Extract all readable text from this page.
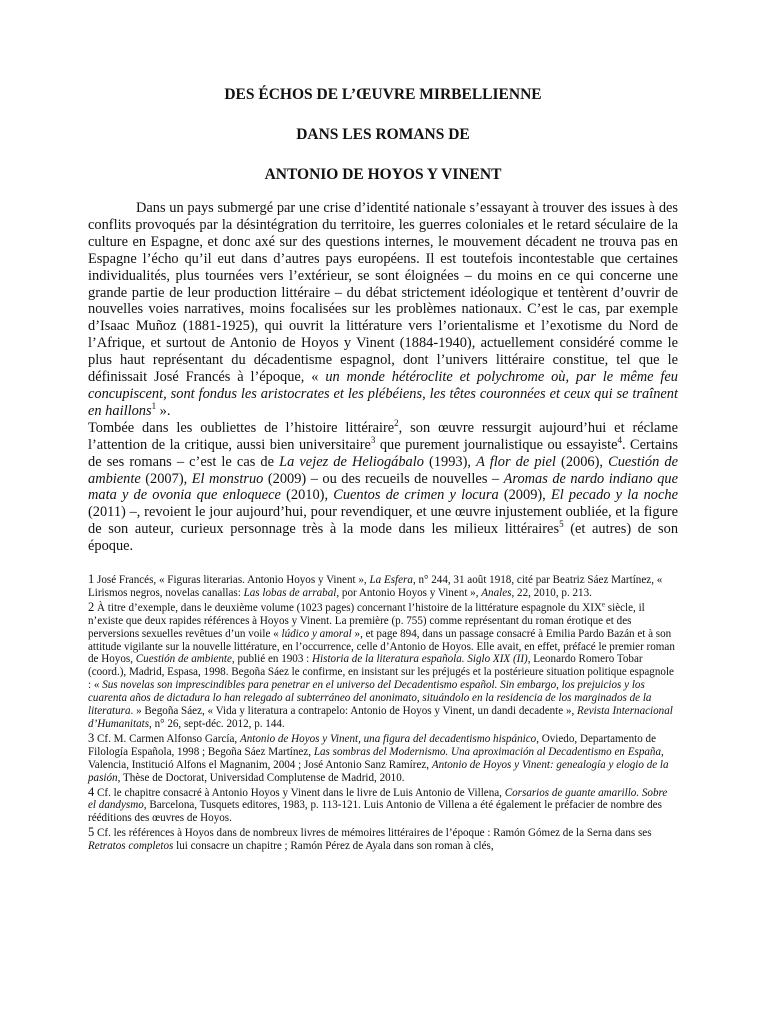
DES ÉCHOS DE L’ŒUVRE MIRBELLIENNE
DANS LES ROMANS DE
ANTONIO DE HOYOS Y VINENT

Dans un pays submergé par une crise d’identité nationale s’essayant à trouver des issues à des conflits provoqués par la désintégration du territoire, les guerres coloniales et le retard séculaire de la culture en Espagne, et donc axé sur des questions internes, le mouvement décadent ne trouva pas en Espagne l’écho qu’il eut dans d’autres pays européens. Il est toutefois incontestable que certaines individualités, plus tournées vers l’extérieur, se sont éloignées – du moins en ce qui concerne une grande partie de leur production littéraire – du débat strictement idéologique et tentèrent d’ouvrir de nouvelles voies narratives, moins focalisées sur les problèmes nationaux. C’est le cas, par exemple d’Isaac Muñoz (1881-1925), qui ouvrit la littérature vers l’orientalisme et l’exotisme du Nord de l’Afrique, et surtout de Antonio de Hoyos y Vinent (1884-1940), actuellement considéré comme le plus haut représentant du décadentisme espagnol, dont l’univers littéraire constitue, tel que le définissait José Francés à l’époque, « un monde hétéroclite et polychrome où, par le même feu concupiscent, sont fondus les aristocrates et les plébéiens, les têtes couronnées et ceux qui se traînent en haillons$^1$ ».

Tombée dans les oubliettes de l’histoire littéraire$^2$, son œuvre ressurgit aujourd’hui et réclame l’attention de la critique, aussi bien universitaire$^3$ que purement journalistique ou essayiste$^4$. Certains de ses romans – c’est le cas de La vejez de Heliogábalo (1993), A flor de piel (2006), Cuestión de ambiente (2007), El monstruo (2009) – ou des recueils de nouvelles – Aromas de nardo indiano que mata y de ovonia que enloquece (2010), Cuentos de crimen y locura (2009), El pecado y la noche (2011) –, revoient le jour aujourd’hui, pour revendiquer, et une œuvre injustement oubliée, et la figure de son auteur, curieux personnage très à la mode dans les milieux littéraires$^5$ (et autres) de son époque.

1 José Francés, « Figuras literarias. Antonio Hoyos y Vinent », La Esfera, n° 244, 31 août 1918, cité par Beatriz Sáez Martínez, « Lirismos negros, novelas canallas: Las lobas de arrabal, por Antonio Hoyos y Vinent », Anales, 22, 2010, p. 213.

2 À titre d’exemple, dans le deuxième volume (1023 pages) concernant l’histoire de la littérature espagnole du XIXe siècle, il n’existe que deux rapides références à Hoyos y Vinent. La première (p. 755) comme représentant du roman érotique et des perversions sexuelles revêtues d’un voile « lúdico y amoral », et page 894, dans un passage consacré à Emilia Pardo Bazán et à son attitude vigilante sur la nouvelle littérature, en l’occurrence, celle d’Antonio de Hoyos. Elle avait, en effet, préfacé le premier roman de Hoyos, Cuestión de ambiente, publié en 1903 : Historia de la literatura española. Siglo XIX (II), Leonardo Romero Tobar (coord.), Madrid, Espasa, 1998. Begoña Sáez le confirme, en insistant sur les préjugés et la postérieure situation politique espagnole : « Sus novelas son imprescindibles para penetrar en el universo del Decadentismo español. Sin embargo, los prejuicios y los cuarenta años de dictadura lo han relegado al subterráneo del anonimato, situándolo en la residencia de los marginados de la literatura. » Begoña Sáez, « Vida y literatura a contrapelo: Antonio de Hoyos y Vinent, un dandi decadente », Revista Internacional d’Humanitats, n° 26, sept-déc. 2012, p. 144.

3 Cf. M. Carmen Alfonso García, Antonio de Hoyos y Vinent, una figura del decadentismo hispánico, Oviedo, Departamento de Filología Española, 1998 ; Begoña Sáez Martínez, Las sombras del Modernismo. Una aproximación al Decadentismo en España, Valencia, Institució Alfons el Magnanim, 2004 ; José Antonio Sanz Ramírez, Antonio de Hoyos y Vinent: genealogía y elogio de la pasión, Thèse de Doctorat, Universidad Complutense de Madrid, 2010.

4 Cf. le chapitre consacré à Antonio Hoyos y Vinent dans le livre de Luis Antonio de Villena, Corsarios de guante amarillo. Sobre el dandysmo, Barcelona, Tusquets editores, 1983, p. 113-121. Luis Antonio de Villena a été également le préfacier de nombre des rééditions des œuvres de Hoyos.

5 Cf. les références à Hoyos dans de nombreux livres de mémoires littéraires de l’époque : Ramón Gómez de la Serna dans ses Retratos completos lui consacre un chapitre ; Ramón Pérez de Ayala dans son roman à clés,
